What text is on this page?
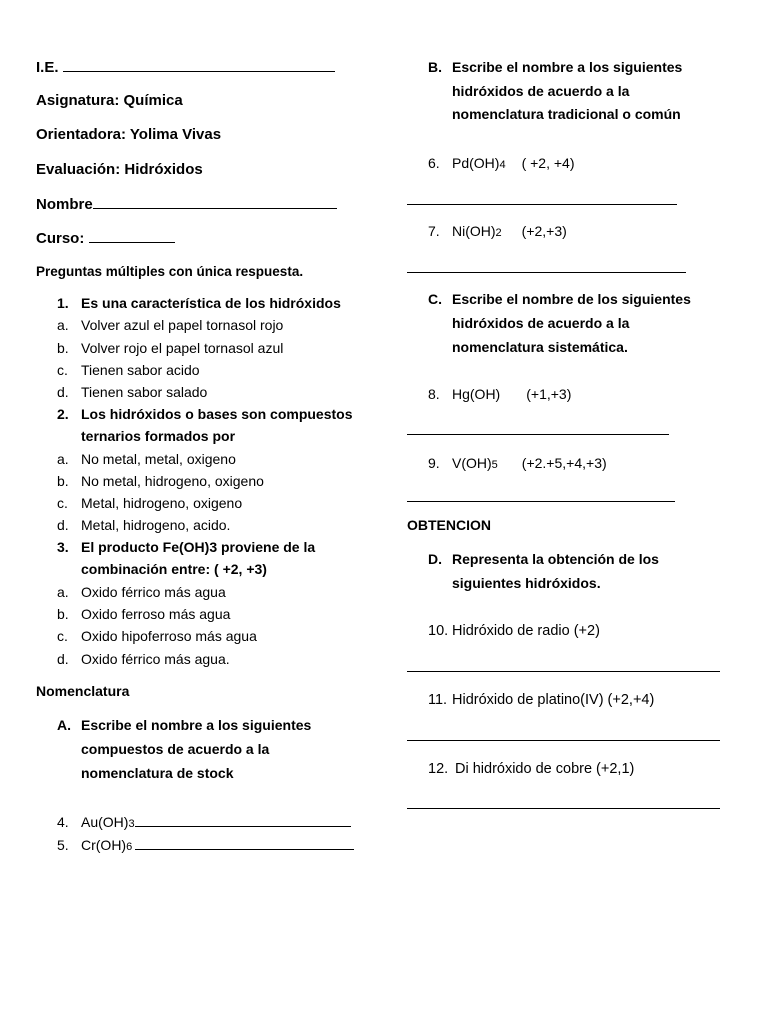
I.E.
Asignatura: Química
Orientadora: Yolima Vivas
Evaluación: Hidróxidos
Nombre
Curso:
Preguntas múltiples con única respuesta.
1. Es una característica de los hidróxidos
a. Volver azul el papel tornasol rojo
b. Volver rojo el papel tornasol azul
c. Tienen sabor acido
d. Tienen sabor salado
2. Los hidróxidos o bases son compuestos
ternarios formados por
a. No metal, metal, oxigeno
b. No metal, hidrogeno, oxigeno
c. Metal, hidrogeno, oxigeno
d. Metal, hidrogeno, acido.
3. El producto Fe(OH)3 proviene de la
combinación entre: ( +2, +3)
a. Oxido férrico más agua
b. Oxido ferroso más agua
c. Oxido hipoferroso más agua
d. Oxido férrico más agua.
Nomenclatura
A. Escribe el nombre a los siguientes
compuestos de acuerdo a la
nomenclatura de stock
4. Au(OH)3
5. Cr(OH)6
B. Escribe el nombre a los siguientes
hidróxidos de acuerdo a la
nomenclatura tradicional o común
6. Pd(OH)4 ( +2, +4)
7. Ni(OH)2 (+2,+3)
C. Escribe el nombre de los siguientes
hidróxidos de acuerdo a la
nomenclatura sistemática.
8. Hg(OH) (+1,+3)
9. V(OH)5 (+2.+5,+4,+3)
OBTENCION
D. Representa la obtención de los
siguientes hidróxidos.
10. Hidróxido de radio (+2)
11. Hidróxido de platino(IV) (+2,+4)
12. Di hidróxido de cobre (+2,1)
